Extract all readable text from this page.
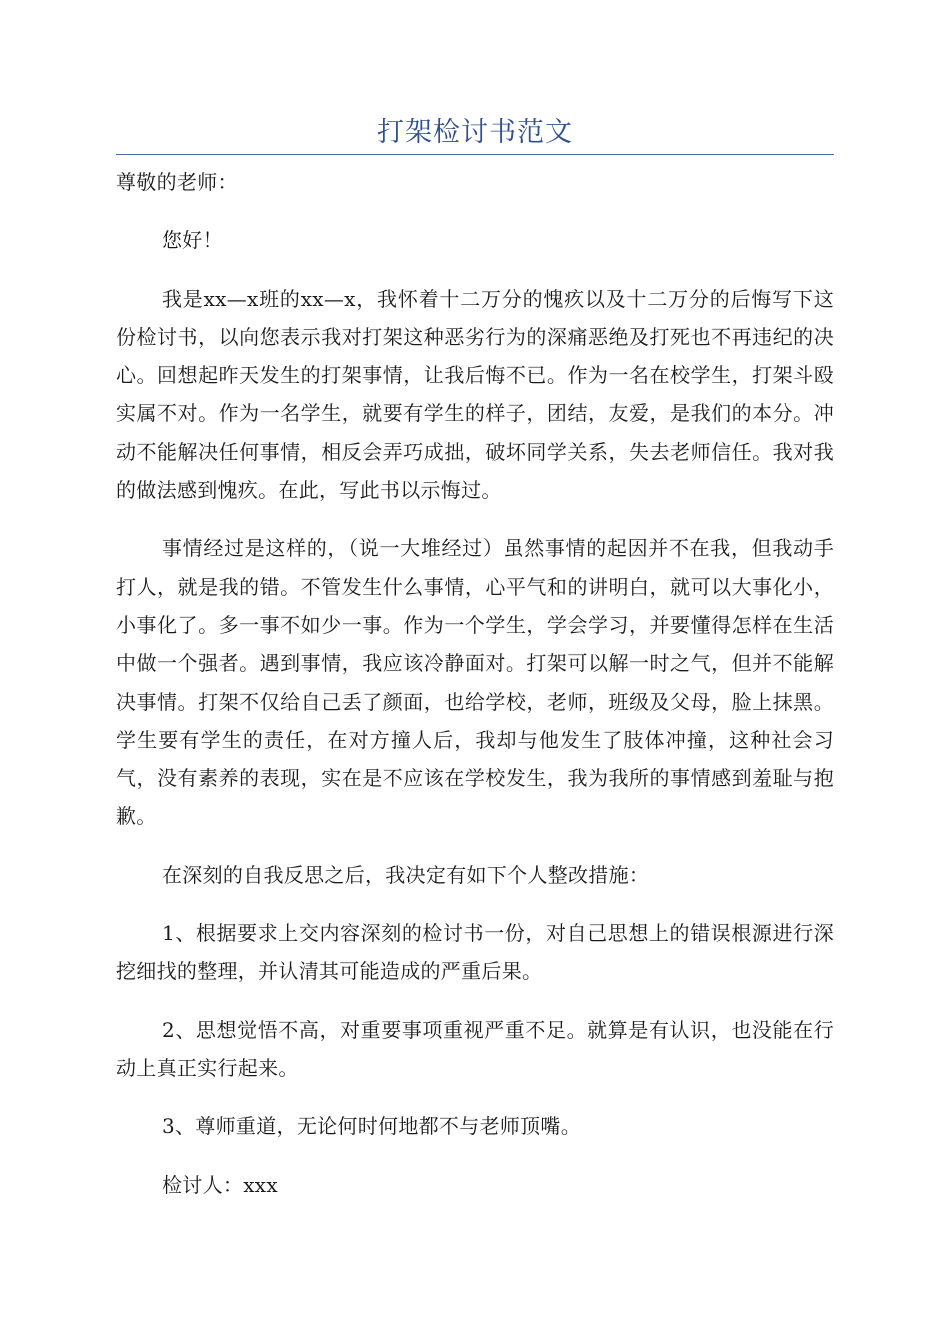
打架检讨书范文

尊敬的老师：

您好！

我是xx—x班的xx—x，我怀着十二万分的愧疚以及十二万分的后悔写下这份检讨书，以向您表示我对打架这种恶劣行为的深痛恶绝及打死也不再违纪的决心。回想起昨天发生的打架事情，让我后悔不已。作为一名在校学生，打架斗殴实属不对。作为一名学生，就要有学生的样子，团结，友爱，是我们的本分。冲动不能解决任何事情，相反会弄巧成拙，破坏同学关系，失去老师信任。我对我的做法感到愧疚。在此，写此书以示悔过。

事情经过是这样的，（说一大堆经过）虽然事情的起因并不在我，但我动手打人，就是我的错。不管发生什么事情，心平气和的讲明白，就可以大事化小，小事化了。多一事不如少一事。作为一个学生，学会学习，并要懂得怎样在生活中做一个强者。遇到事情，我应该冷静面对。打架可以解一时之气，但并不能解决事情。打架不仅给自己丢了颜面，也给学校，老师，班级及父母，脸上抹黑。学生要有学生的责任，在对方撞人后，我却与他发生了肢体冲撞，这种社会习气，没有素养的表现，实在是不应该在学校发生，我为我所的事情感到羞耻与抱歉。

在深刻的自我反思之后，我决定有如下个人整改措施：

1、根据要求上交内容深刻的检讨书一份，对自己思想上的错误根源进行深挖细找的整理，并认清其可能造成的严重后果。

2、思想觉悟不高，对重要事项重视严重不足。就算是有认识，也没能在行动上真正实行起来。

3、尊师重道，无论何时何地都不与老师顶嘴。

检讨人：xxx
